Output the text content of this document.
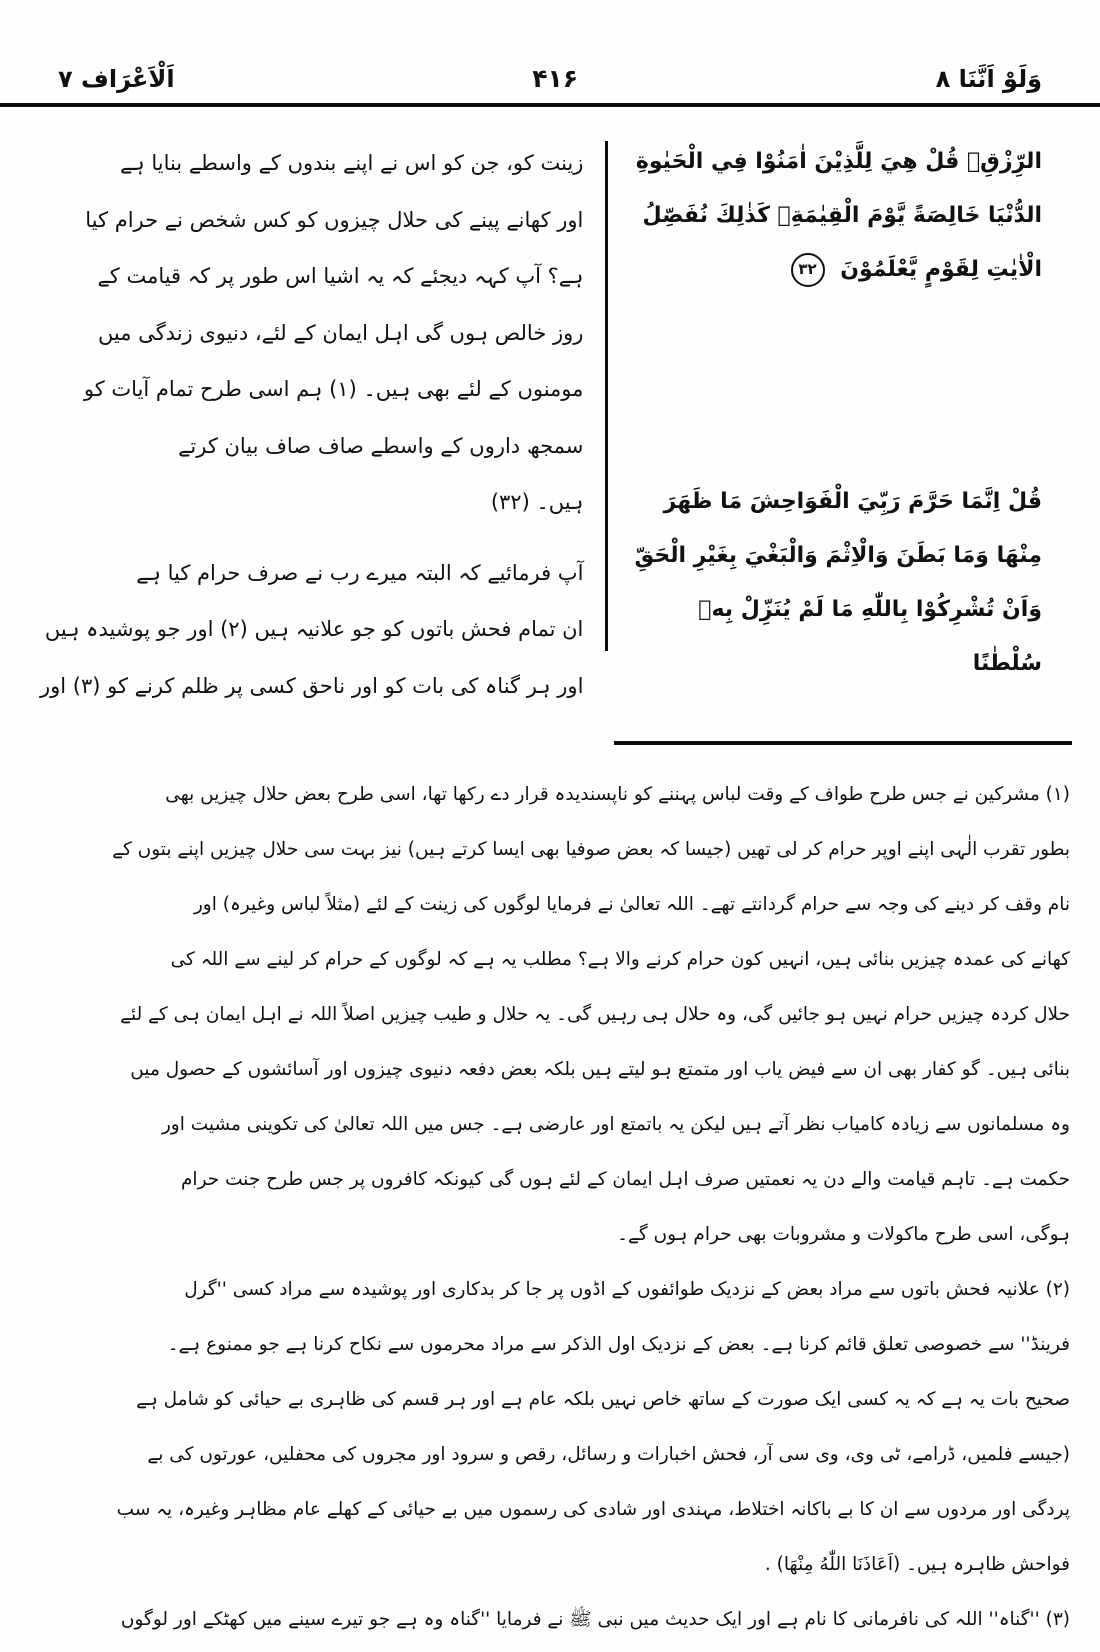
وَلَوْ اَنَّنَا ۸
۴۱۶
اَلْاَعْرَاف ۷
الرِّزْقِۗ قُلْ هِيَ لِلَّذِيْنَ اٰمَنُوْا فِي الْحَيٰوةِ الدُّنْيَا خَالِصَةً يَّوْمَ الْقِيٰمَةِۗ كَذٰلِكَ نُفَصِّلُ الْاٰيٰتِ لِقَوْمٍ يَّعْلَمُوْنَ ۳۲
قُلْ اِنَّمَا حَرَّمَ رَبِّيَ الْفَوَاحِشَ مَا ظَهَرَ مِنْهَا وَمَا بَطَنَ وَالْاِثْمَ وَالْبَغْيَ بِغَيْرِ الْحَقِّ وَاَنْ تُشْرِكُوْا بِاللّٰهِ مَا لَمْ يُنَزِّلْ بِهٖ سُلْطٰنًا
زینت کو، جن کو اس نے اپنے بندوں کے واسطے بنایا ہے
اور کھانے پینے کی حلال چیزوں کو کس شخص نے حرام کیا
ہے؟ آپ کہہ دیجئے کہ یہ اشیا اس طور پر کہ قیامت کے
روز خالص ہوں گی اہل ایمان کے لئے، دنیوی زندگی میں
مومنوں کے لئے بھی ہیں۔ (۱) ہم اسی طرح تمام آیات کو
سمجھ داروں کے واسطے صاف صاف بیان کرتے
ہیں۔ (۳۲)
آپ فرمائیے کہ البتہ میرے رب نے صرف حرام کیا ہے
ان تمام فحش باتوں کو جو علانیہ ہیں (۲) اور جو پوشیدہ ہیں
اور ہر گناہ کی بات کو اور ناحق کسی پر ظلم کرنے کو (۳) اور
(۱) مشرکین نے جس طرح طواف کے وقت لباس پہننے کو ناپسندیدہ قرار دے رکھا تھا، اسی طرح بعض حلال چیزیں بھی
بطور تقرب الٰہی اپنے اوپر حرام کر لی تھیں (جیسا کہ بعض صوفیا بھی ایسا کرتے ہیں) نیز بہت سی حلال چیزیں اپنے بتوں کے
نام وقف کر دینے کی وجہ سے حرام گردانتے تھے۔ اللہ تعالیٰ نے فرمایا لوگوں کی زینت کے لئے (مثلاً لباس وغیرہ) اور
کھانے کی عمدہ چیزیں بنائی ہیں، انہیں کون حرام کرنے والا ہے؟ مطلب یہ ہے کہ لوگوں کے حرام کر لینے سے اللہ کی
حلال کردہ چیزیں حرام نہیں ہو جائیں گی، وہ حلال ہی رہیں گی۔ یہ حلال و طیب چیزیں اصلاً اللہ نے اہل ایمان ہی کے لئے
بنائی ہیں۔ گو کفار بھی ان سے فیض یاب اور متمتع ہو لیتے ہیں بلکہ بعض دفعہ دنیوی چیزوں اور آسائشوں کے حصول میں
وہ مسلمانوں سے زیادہ کامیاب نظر آتے ہیں لیکن یہ باتمتع اور عارضی ہے۔ جس میں اللہ تعالیٰ کی تکوینی مشیت اور
حکمت ہے۔ تاہم قیامت والے دن یہ نعمتیں صرف اہل ایمان کے لئے ہوں گی کیونکہ کافروں پر جس طرح جنت حرام
ہوگی، اسی طرح ماکولات و مشروبات بھی حرام ہوں گے۔
(۲) علانیہ فحش باتوں سے مراد بعض کے نزدیک طوائفوں کے اڈوں پر جا کر بدکاری اور پوشیدہ سے مراد کسی ''گرل
فرینڈ'' سے خصوصی تعلق قائم کرنا ہے۔ بعض کے نزدیک اول الذکر سے مراد محرموں سے نکاح کرنا ہے جو ممنوع ہے۔
صحیح بات یہ ہے کہ یہ کسی ایک صورت کے ساتھ خاص نہیں بلکہ عام ہے اور ہر قسم کی ظاہری بے حیائی کو شامل ہے
(جیسے فلمیں، ڈرامے، ٹی وی، وی سی آر، فحش اخبارات و رسائل، رقص و سرود اور مجروں کی محفلیں، عورتوں کی بے
پردگی اور مردوں سے ان کا بے باکانہ اختلاط، مہندی اور شادی کی رسموں میں بے حیائی کے کھلے عام مظاہر وغیرہ، یہ سب
فواحش ظاہرہ ہیں۔ (اَعَاذَنَا اللّٰهُ مِنْهَا) .
(۳) ''گناہ'' اللہ کی نافرمانی کا نام ہے اور ایک حدیث میں نبی ﷺ نے فرمایا ''گناہ وہ ہے جو تیرے سینے میں کھٹکے اور لوگوں
